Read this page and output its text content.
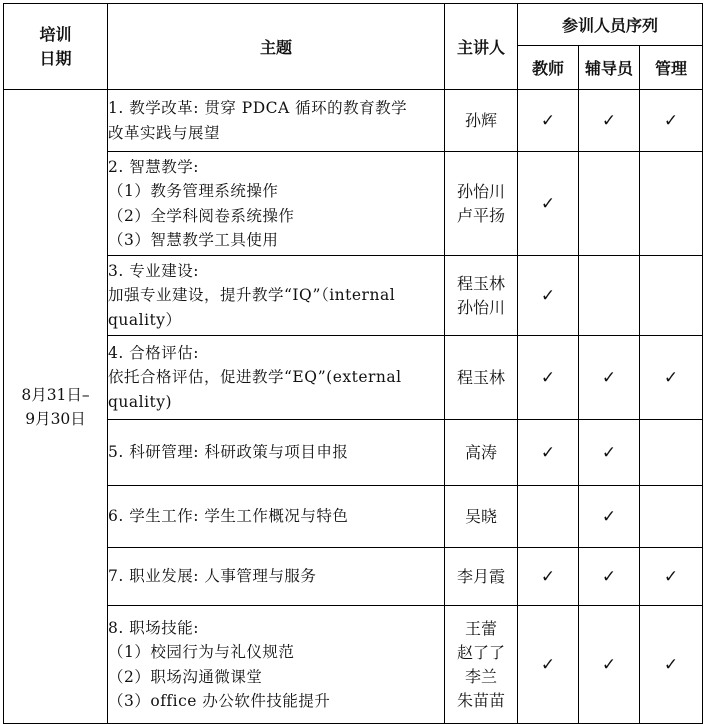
培训
日期	主题	主讲人	参训人员序列		
			教师	辅导员	管理

8月31日–
9月30日	1. 教学改革: 贯穿 PDCA 循环的教育教学
改革实践与展望	孙辉	✓	✓	✓

	2. 智慧教学:
（1）教务管理系统操作
（2）全学科阅卷系统操作
（3）智慧教学工具使用	孙怡川
卢平扬	✓		

	3. 专业建设:
加强专业建设，提升教学“IQ”（internal
quality）	程玉林
孙怡川	✓		

	4. 合格评估:
依托合格评估，促进教学“EQ”(external
quality)	程玉林	✓	✓	✓

	5. 科研管理: 科研政策与项目申报	高涛	✓	✓	

	6. 学生工作: 学生工作概况与特色	吴晓		✓	

	7. 职业发展: 人事管理与服务	李月霞	✓	✓	✓

	8. 职场技能:
（1）校园行为与礼仪规范
（2）职场沟通微课堂
（3）office 办公软件技能提升	王蕾
赵了了
李兰
朱苗苗	✓	✓	✓
